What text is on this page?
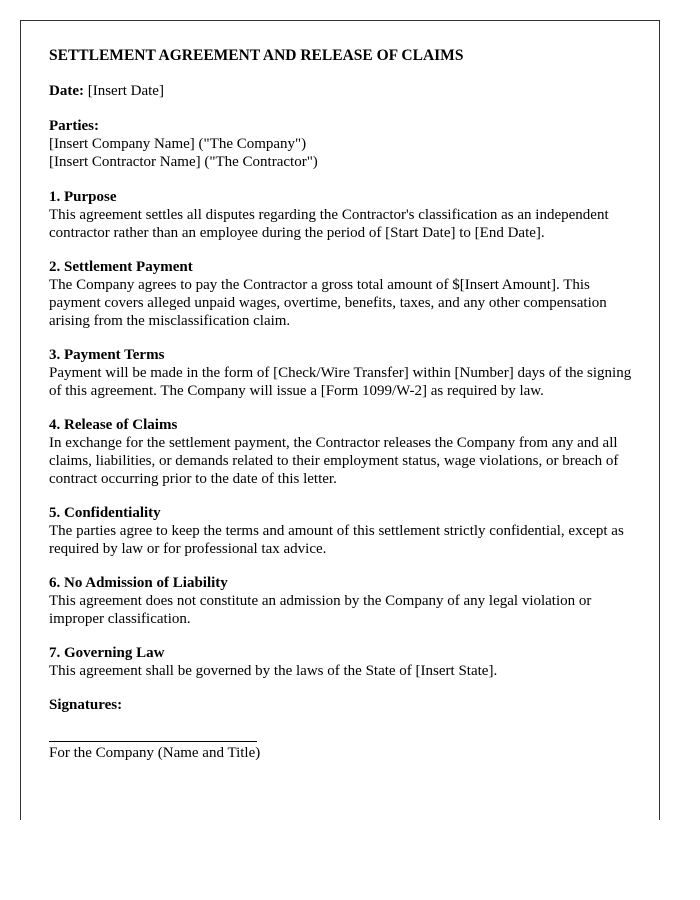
SETTLEMENT AGREEMENT AND RELEASE OF CLAIMS
Date: [Insert Date]
Parties:
[Insert Company Name] ("The Company")
[Insert Contractor Name] ("The Contractor")
1. Purpose
This agreement settles all disputes regarding the Contractor's classification as an independent contractor rather than an employee during the period of [Start Date] to [End Date].
2. Settlement Payment
The Company agrees to pay the Contractor a gross total amount of $[Insert Amount]. This payment covers alleged unpaid wages, overtime, benefits, taxes, and any other compensation arising from the misclassification claim.
3. Payment Terms
Payment will be made in the form of [Check/Wire Transfer] within [Number] days of the signing of this agreement. The Company will issue a [Form 1099/W-2] as required by law.
4. Release of Claims
In exchange for the settlement payment, the Contractor releases the Company from any and all claims, liabilities, or demands related to their employment status, wage violations, or breach of contract occurring prior to the date of this letter.
5. Confidentiality
The parties agree to keep the terms and amount of this settlement strictly confidential, except as required by law or for professional tax advice.
6. No Admission of Liability
This agreement does not constitute an admission by the Company of any legal violation or improper classification.
7. Governing Law
This agreement shall be governed by the laws of the State of [Insert State].
Signatures:
For the Company (Name and Title)
